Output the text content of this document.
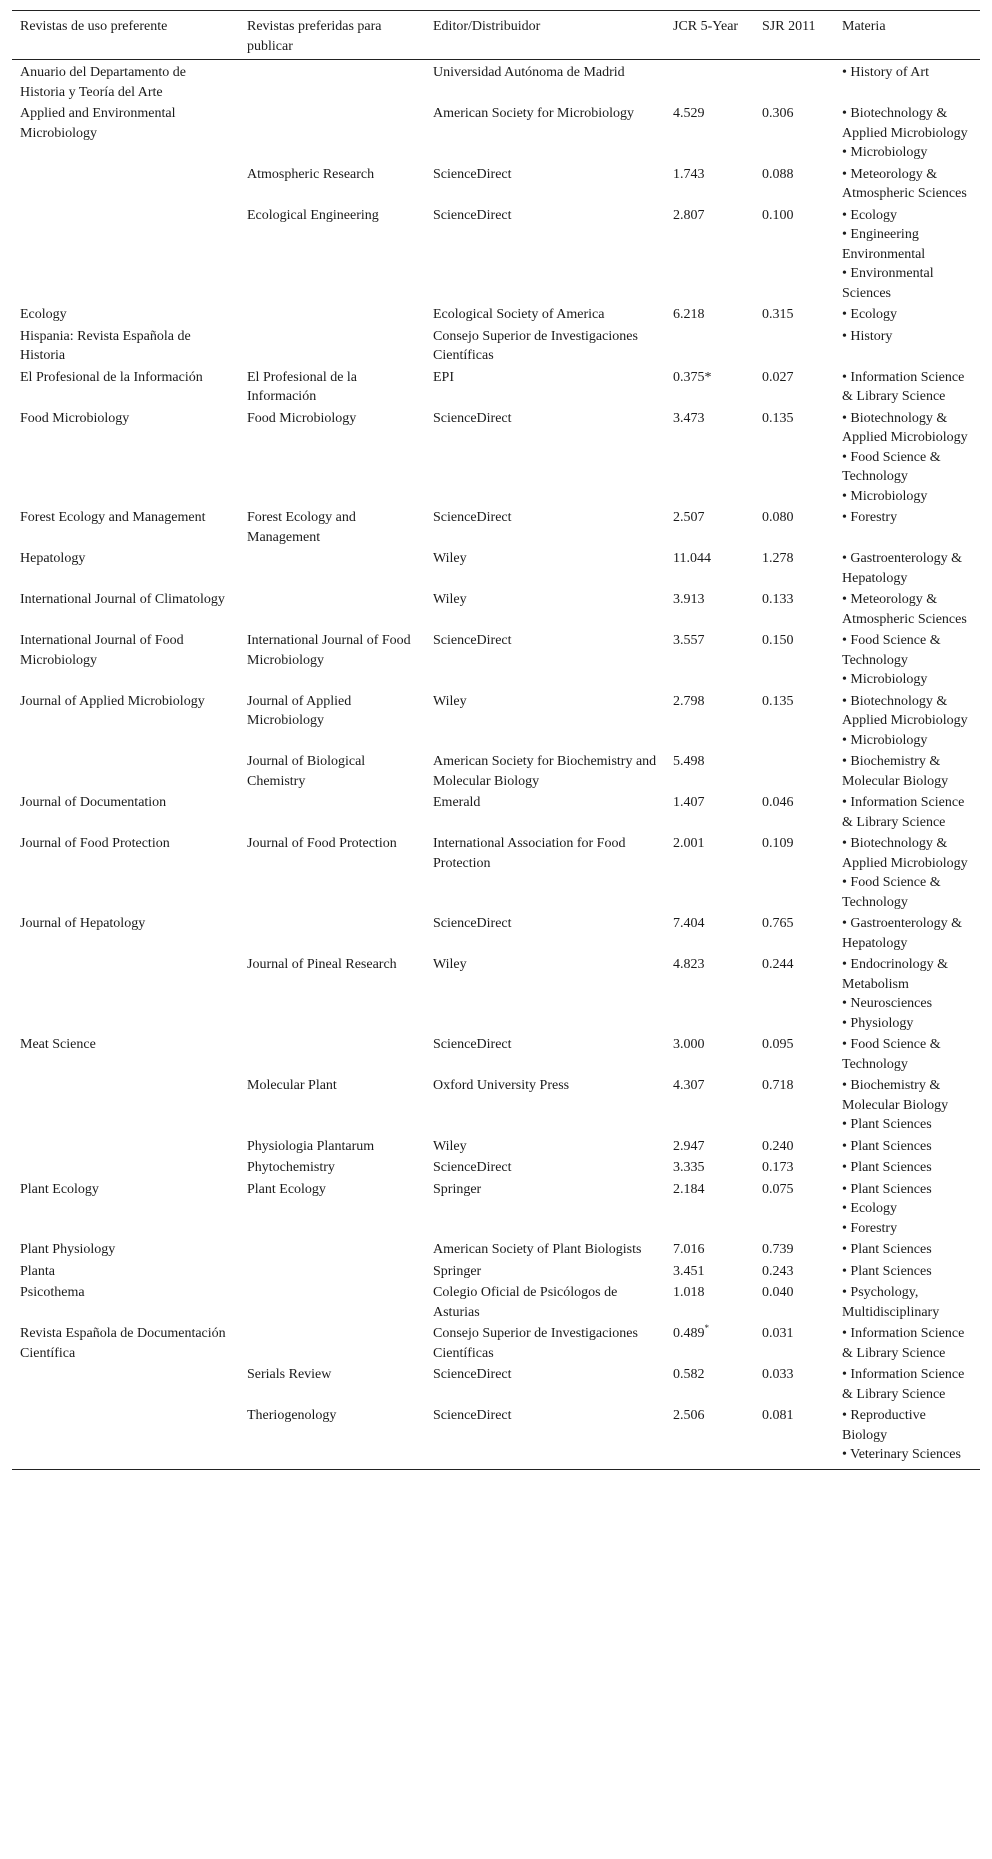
Revistas de uso preferente	Revistas preferidas para publicar	Editor/Distribuidor	JCR 5-Year	SJR 2011	Materia
Anuario del Departamento de Historia y Teoría del Arte		Universidad Autónoma de Madrid			• History of Art

Applied and Environmental Microbiology		American Society for Microbiology	4.529	0.306	• Biotechnology & Applied Microbiology
• Microbiology

	Atmospheric Research	ScienceDirect	1.743	0.088	• Meteorology & Atmospheric Sciences

	Ecological Engineering	ScienceDirect	2.807	0.100	• Ecology
• Engineering Environmental
• Environmental Sciences

Ecology		Ecological Society of America	6.218	0.315	• Ecology

Hispania: Revista Española de Historia		Consejo Superior de Investigaciones Científicas			• History

El Profesional de la Información	El Profesional de la Información	EPI	0.375*	0.027	• Information Science & Library Science

Food Microbiology	Food Microbiology	ScienceDirect	3.473	0.135	• Biotechnology & Applied Microbiology
• Food Science & Technology
• Microbiology

Forest Ecology and Management	Forest Ecology and Management	ScienceDirect	2.507	0.080	• Forestry

Hepatology		Wiley	11.044	1.278	• Gastroenterology & Hepatology

International Journal of Climatology		Wiley	3.913	0.133	• Meteorology & Atmospheric Sciences

International Journal of Food Microbiology	International Journal of Food Microbiology	ScienceDirect	3.557	0.150	• Food Science & Technology
• Microbiology

Journal of Applied Microbiology	Journal of Applied Microbiology	Wiley	2.798	0.135	• Biotechnology & Applied Microbiology
• Microbiology

	Journal of Biological Chemistry	American Society for Biochemistry and Molecular Biology	5.498		• Biochemistry & Molecular Biology

Journal of Documentation		Emerald	1.407	0.046	• Information Science & Library Science

Journal of Food Protection	Journal of Food Protection	International Association for Food Protection	2.001	0.109	• Biotechnology & Applied Microbiology
• Food Science & Technology

Journal of Hepatology		ScienceDirect	7.404	0.765	• Gastroenterology & Hepatology

	Journal of Pineal Research	Wiley	4.823	0.244	• Endocrinology & Metabolism
• Neurosciences
• Physiology

Meat Science		ScienceDirect	3.000	0.095	• Food Science & Technology

	Molecular Plant	Oxford University Press	4.307	0.718	• Biochemistry & Molecular Biology
• Plant Sciences

	Physiologia Plantarum	Wiley	2.947	0.240	• Plant Sciences

	Phytochemistry	ScienceDirect	3.335	0.173	• Plant Sciences

Plant Ecology	Plant Ecology	Springer	2.184	0.075	• Plant Sciences
• Ecology
• Forestry

Plant Physiology		American Society of Plant Biologists	7.016	0.739	• Plant Sciences

Planta		Springer	3.451	0.243	• Plant Sciences

Psicothema		Colegio Oficial de Psicólogos de Asturias	1.018	0.040	• Psychology, Multidisciplinary

Revista Española de Documentación Científica		Consejo Superior de Investigaciones Científicas	0.489*	0.031	• Information Science & Library Science

	Serials Review	ScienceDirect	0.582	0.033	• Information Science & Library Science

	Theriogenology	ScienceDirect	2.506	0.081	• Reproductive Biology
• Veterinary Sciences
